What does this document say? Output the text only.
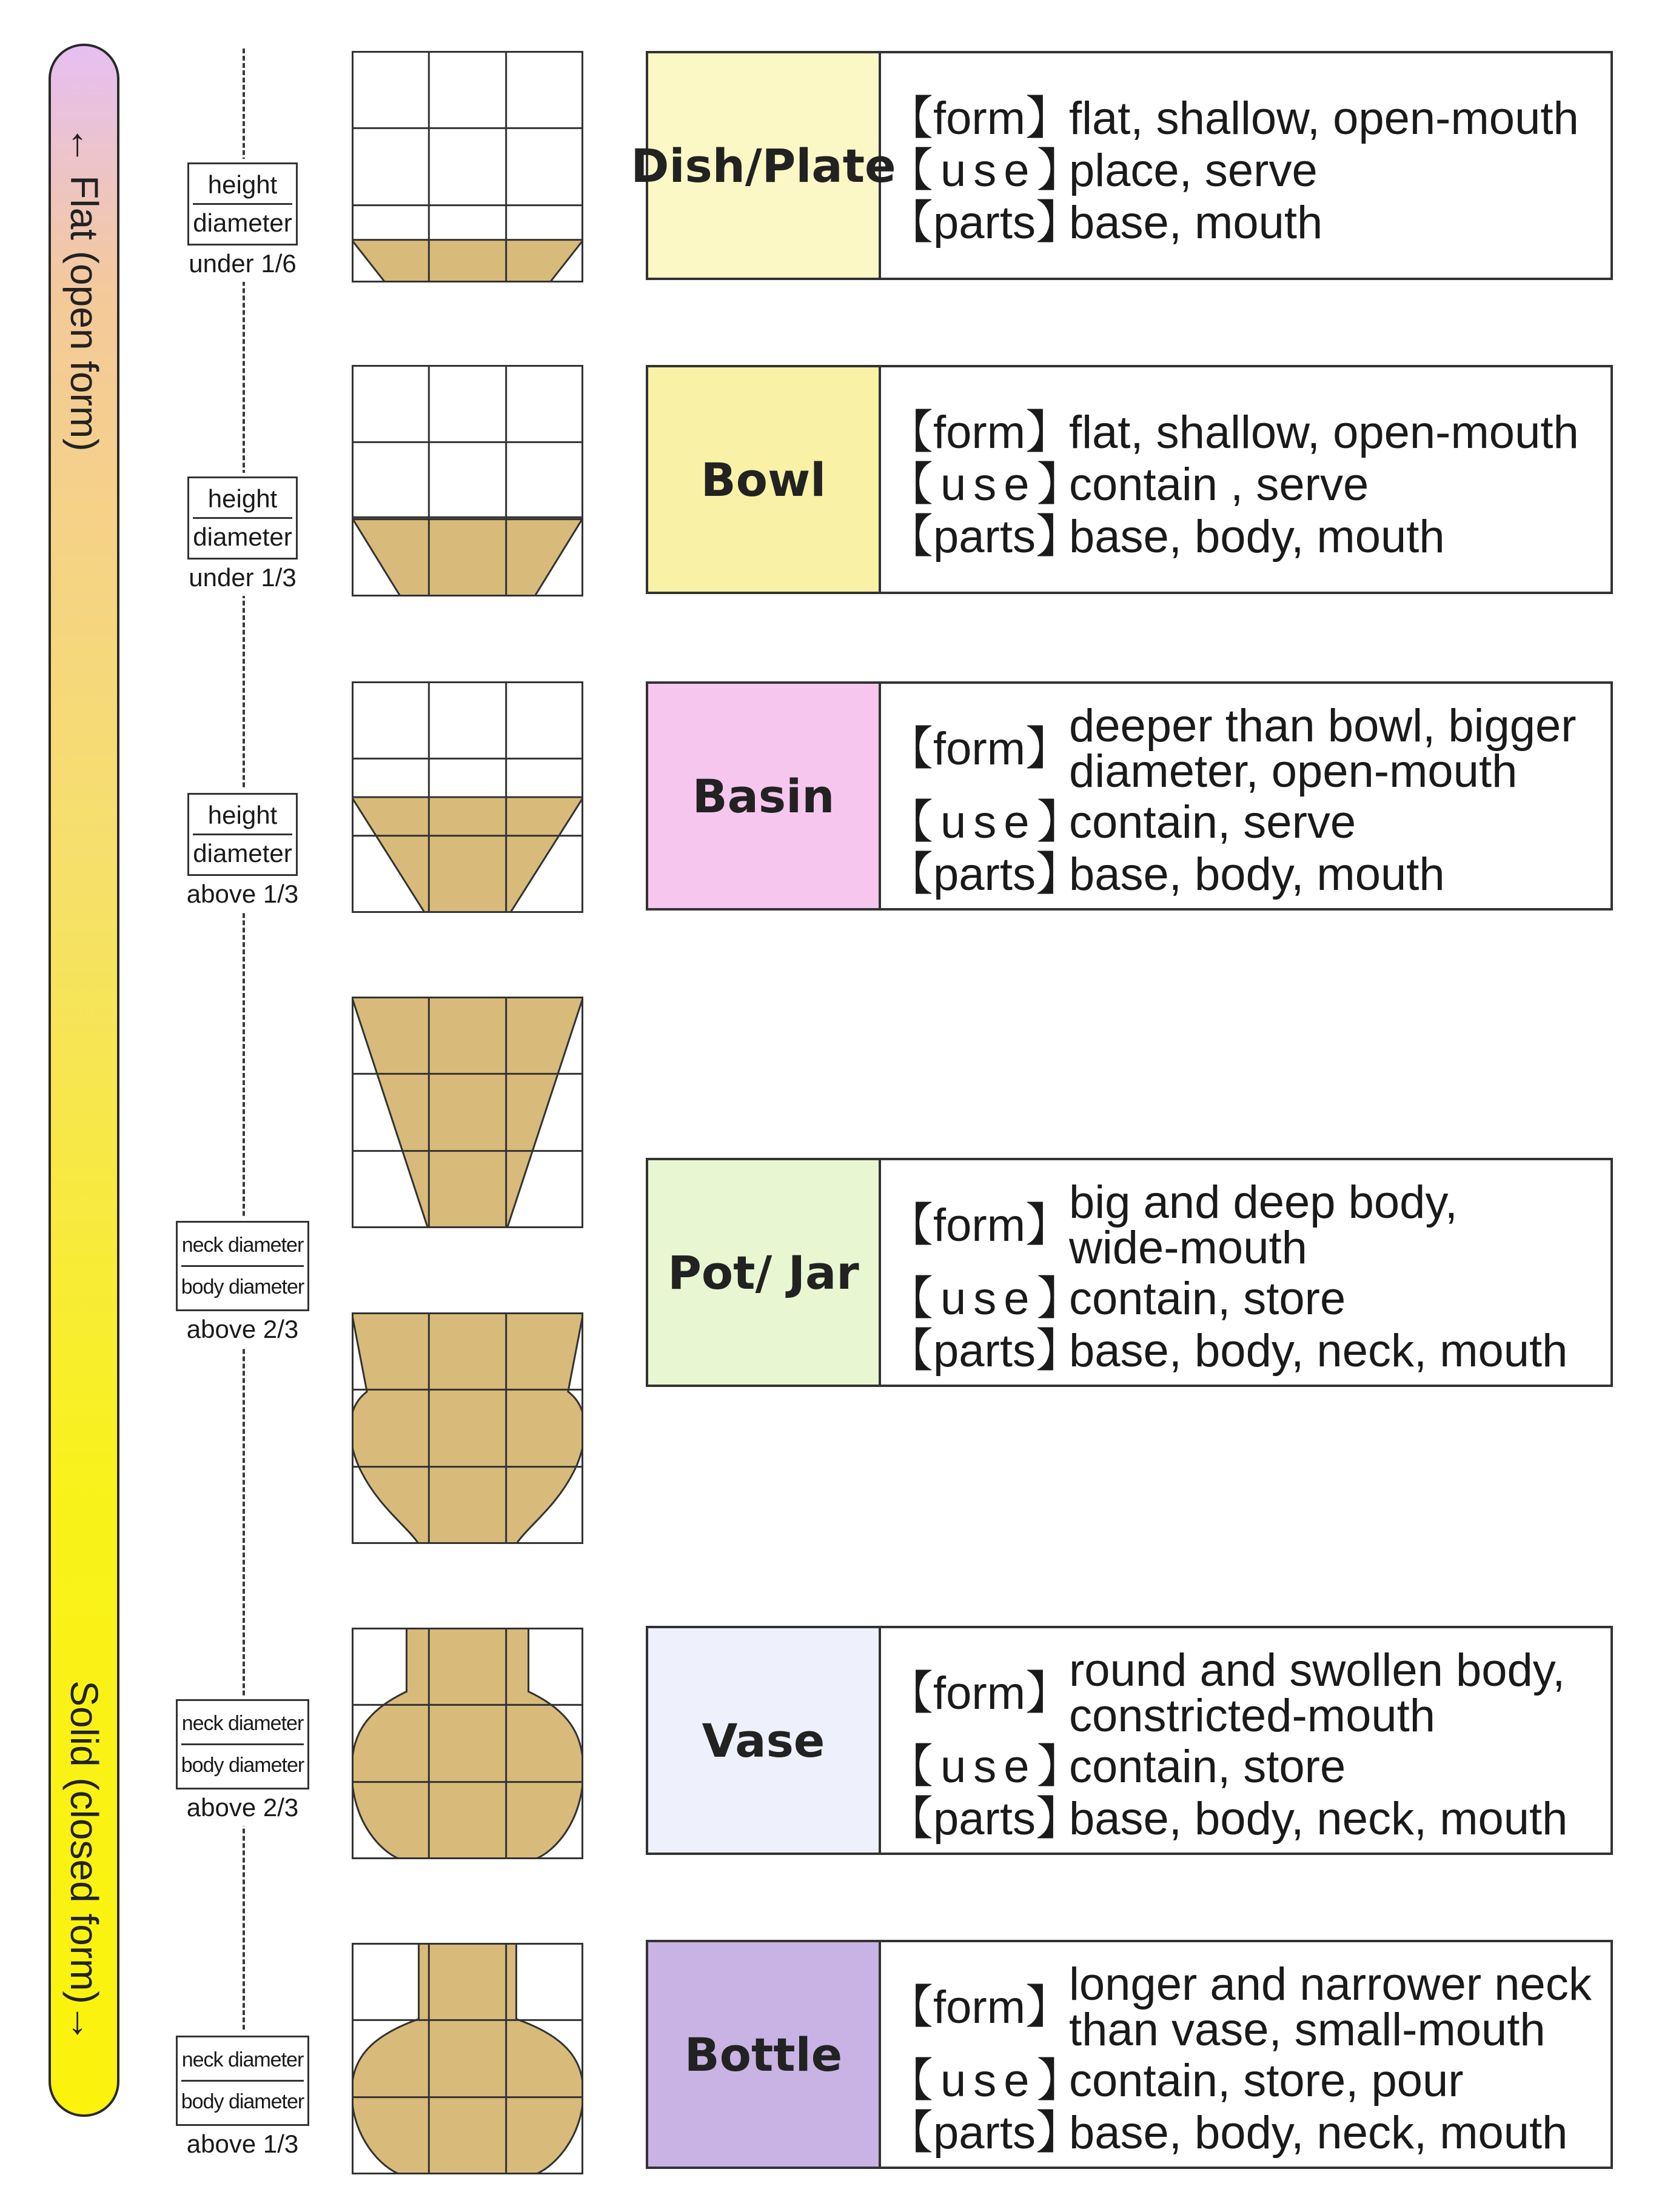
← Flat (open form)
Solid (closed form)→
$\frac{\text{height}}{\text{diameter}}$
under 1/6
$\frac{\text{height}}{\text{diameter}}$
under 1/3
$\frac{\text{height}}{\text{diameter}}$
above 1/3
$\frac{\text{neck diameter}}{\text{body diameter}}$
above 2/3
$\frac{\text{neck diameter}}{\text{body diameter}}$
above 2/3
$\frac{\text{neck diameter}}{\text{body diameter}}$
above 1/3
Dish/Plate
【form】
flat, shallow, open-mouth
【use】
place, serve
【parts】
base, mouth
Bowl
【form】
flat, shallow, open-mouth
【use】
contain , serve
【parts】
base, body, mouth
Basin
【form】
deeper than bowl, bigger
diameter, open-mouth
【use】
contain, serve
【parts】
base, body, mouth
Pot/ Jar
【form】
big and deep body,
wide-mouth
【use】
contain, store
【parts】
base, body, neck, mouth
Vase
【form】
round and swollen body,
constricted-mouth
【use】
contain, store
【parts】
base, body, neck, mouth
Bottle
【form】
longer and narrower neck
than vase, small-mouth
【use】
contain, store, pour
【parts】
base, body, neck, mouth
